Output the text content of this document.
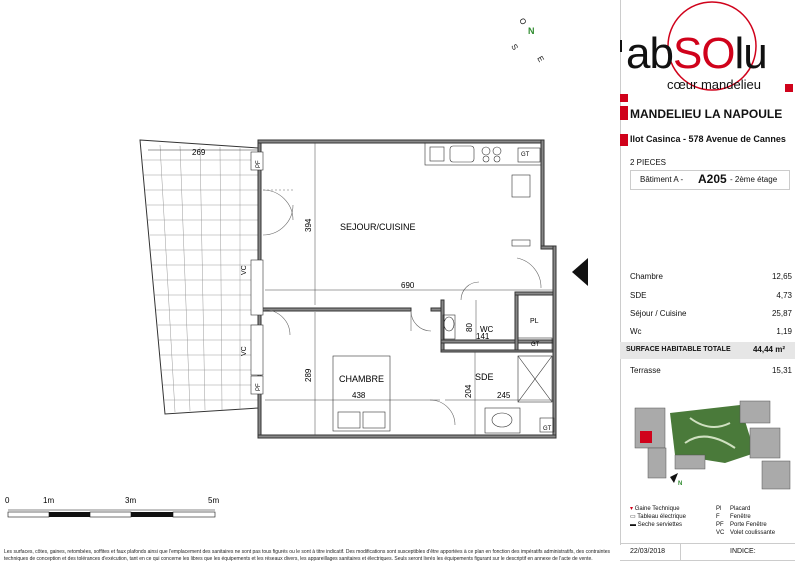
N
E
S
O
269
SEJOUR/CUISINE
CHAMBRE	SDE
WC
PL
GT
GT
GT
VC
VC
PF
PF
394
690
289
438	204	245
80
141
0	1m	3m	5m
abSOlu
cœur mandelieu
MANDELIEU LA NAPOULE
Ilot Casinca - 578 Avenue de Cannes
2 PIECES
Bâtiment A - A205 - 2ème étage
Chambre	12,65
SDE	4,73
Séjour / Cuisine	25,87
Wc	1,19
SURFACE HABITABLE TOTALE	44,44 m²
Terrasse	15,31
N
▾ Gaine Technique
▭ Tableau électrique
▬ Seche serviettes
Pl Placard
F Fenêtre
PF Porte Fenêtre
VC Volet coulissante
22/03/2018	INDICE:
Les surfaces, côtes, gaines, retombées, soffites et faux plafonds ainsi que l'emplacement des sanitaires ne sont pas tous figurés ou le sont à titre indicatif. Des modifications sont susceptibles d'être apportées à ce plan en fonction des impératifs administratifs, des contraintes techniques de conception et des tolérances d'exécution, tant en ce qui concerne les libres que les équipements et les réseaux divers, les appareillages sanitaires et électriques. Seuls seront livrés les équipements figurant sur le descriptif en annexe de l'acte de vente.
